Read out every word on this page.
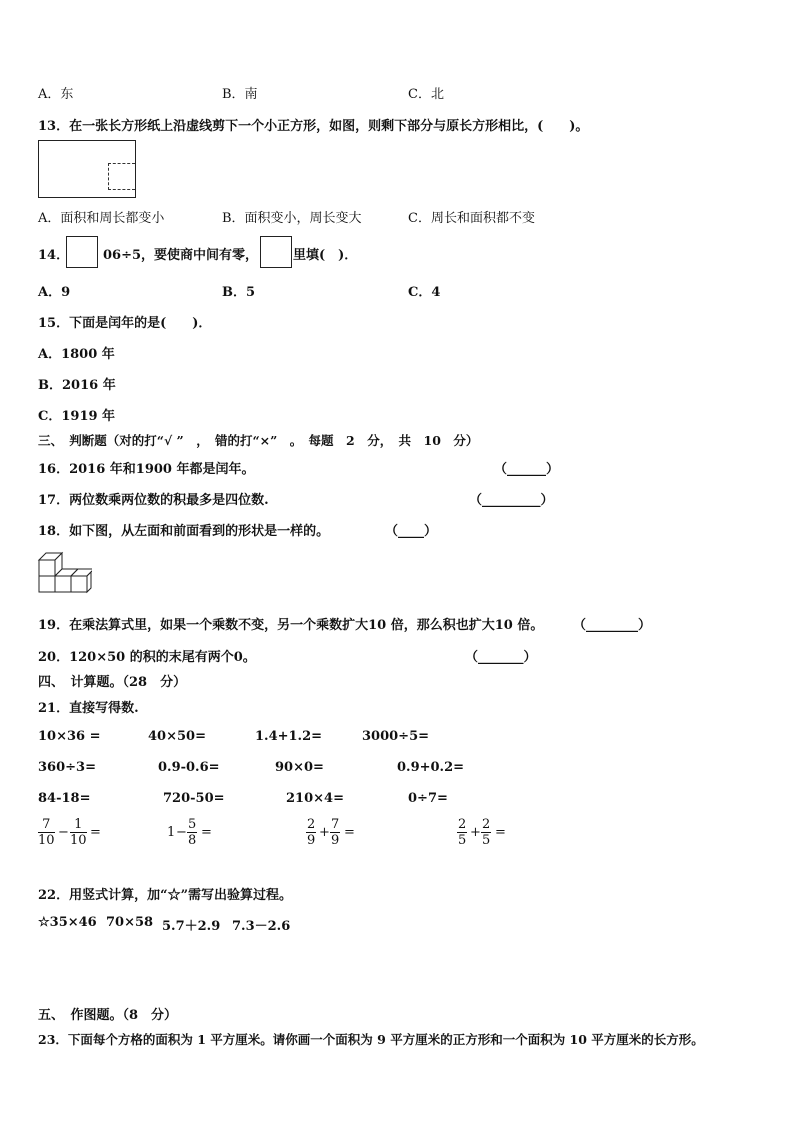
A．东	B．南	C．北
13．在一张长方形纸上沿虚线剪下一个小正方形，如图，则剩下部分与原长方形相比，(　　)。
A．面积和周长都变小	B．面积变小，周长变大	C．周长和面积都不变
14．	06÷5，要使商中间有零，	里填(　)．
A．9	B．5	C．4
15．下面是闰年的是(　　)．
A．1800 年
B．2016 年
C．1919 年
三、　判断题（对的打“√ ”　，　错的打“×”　。　每题　2　分，　共　10　分）
16．2016 年和1900 年都是闰年。	（______）
17．两位数乘两位数的积最多是四位数.	（_________）
18．如下图，从左面和前面看到的形状是一样的。	（____）
19．在乘法算式里，如果一个乘数不变，另一个乘数扩大10 倍，那么积也扩大10 倍。 （________）
20．120×50 的积的末尾有两个0。	（_______）
四、　计算题。（28　分）
21．直接写得数.
10×36 =	40×50=	1.4+1.2=	3000÷5=
360÷3=	0.9-0.6=	90×0=	0.9+0.2=
84-18=	720-50=	210×4=	0÷7=
$\frac{7}{10} - \frac{1}{10}$ =	$1 - \frac{5}{8}$ =	$\frac{2}{9} + \frac{7}{9}$ =	$\frac{2}{5} + \frac{2}{5}$ =
22．用竖式计算，加“☆”需写出验算过程。
☆35×46 70×58 5.7＋2.9 7.3－2.6
五、　作图题。（8　分）
23．下面每个方格的面积为 1 平方厘米。请你画一个面积为 9 平方厘米的正方形和一个面积为 10 平方厘米的长方形。
